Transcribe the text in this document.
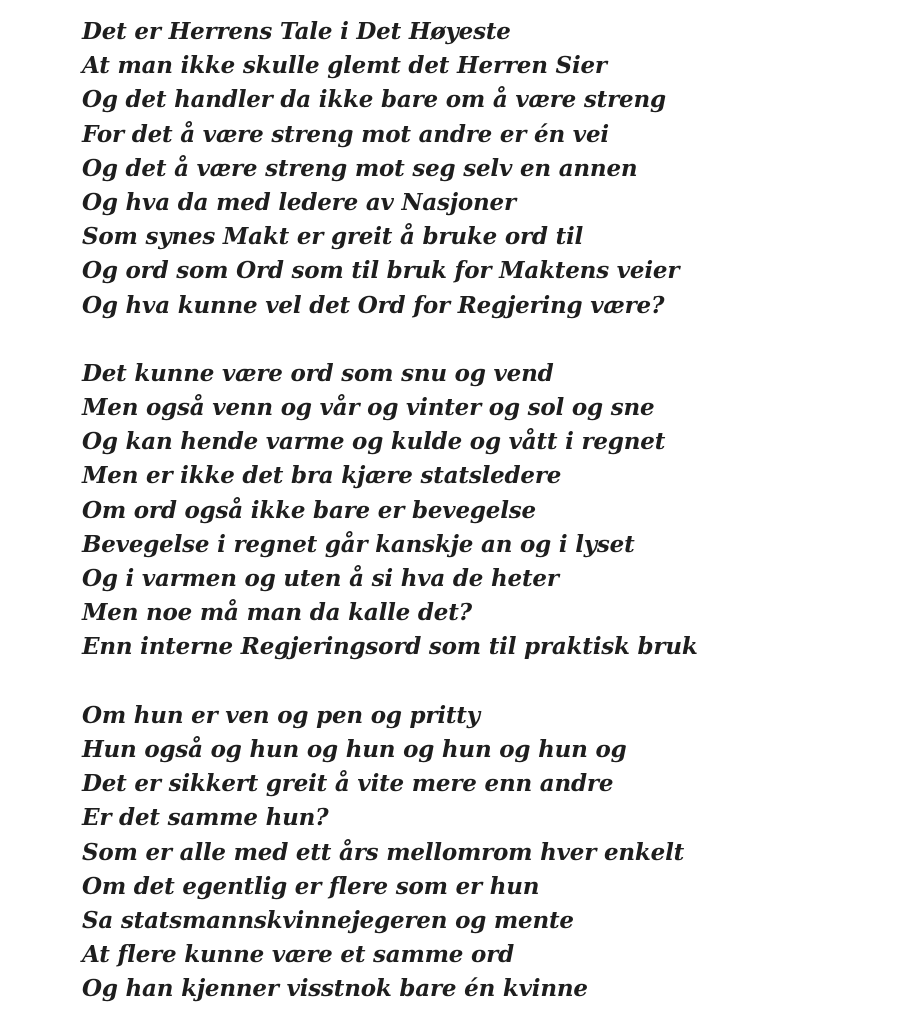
Det er Herrens Tale i Det Høyeste
At man ikke skulle glemt det Herren Sier
Og det handler da ikke bare om å være streng
For det å være streng mot andre er én vei
Og det å være streng mot seg selv en annen
Og hva da med ledere av Nasjoner
Som synes Makt er greit å bruke ord til
Og ord som Ord som til bruk for Maktens veier
Og hva kunne vel det Ord for Regjering være?
Det kunne være ord som snu og vend
Men også venn og vår og vinter og sol og sne
Og kan hende varme og kulde og vått i regnet
Men er ikke det bra kjære statsledere
Om ord også ikke bare er bevegelse
Bevegelse i regnet går kanskje an og i lyset
Og i varmen og uten å si hva de heter
Men noe må man da kalle det?
Enn interne Regjeringsord som til praktisk bruk
Om hun er ven og pen og pritty
Hun også og hun og hun og hun og hun og
Det er sikkert greit å vite mere enn andre
Er det samme hun?
Som er alle med ett års mellomrom hver enkelt
Om det egentlig er flere som er hun
Sa statsmannskvinnejegeren og mente
At flere kunne være et samme ord
Og han kjenner visstnok bare én kvinne
